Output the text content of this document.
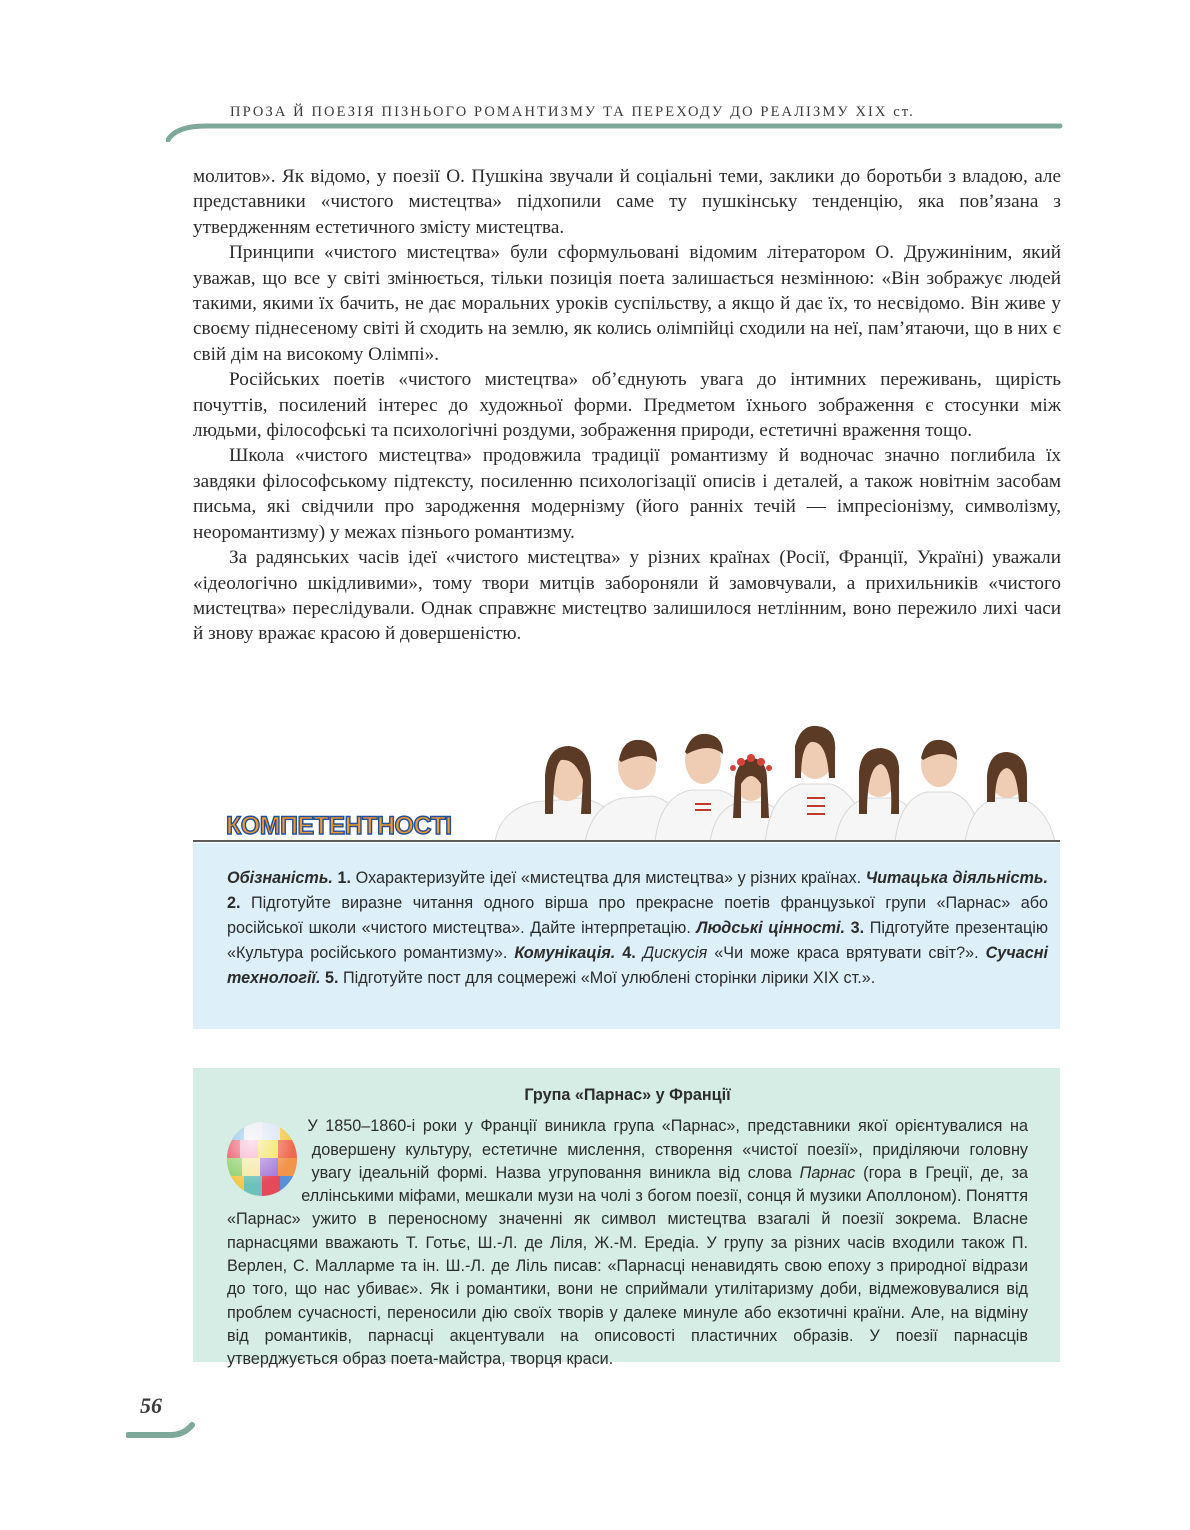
ПРОЗА Й ПОЕЗІЯ ПІЗНЬОГО РОМАНТИЗМУ ТА ПЕРЕХОДУ ДО РЕАЛІЗМУ XIX ст.

молитов». Як відомо, у поезії О. Пушкіна звучали й соціальні теми, заклики до боротьби з владою, але представники «чистого мистецтва» підхопили саме ту пушкінську тенденцію, яка пов’язана з утвердженням естетичного змісту мистецтва.

Принципи «чистого мистецтва» були сформульовані відомим літератором О. Дружиніним, який уважав, що все у світі змінюється, тільки позиція поета залишається незмінною: «Він зображує людей такими, якими їх бачить, не дає моральних уроків суспільству, а якщо й дає їх, то несвідомо. Він живе у своєму піднесеному світі й сходить на землю, як колись олімпійці сходили на неї, пам’ятаючи, що в них є свій дім на високому Олімпі».

Російських поетів «чистого мистецтва» об’єднують увага до інтимних переживань, щирість почуттів, посилений інтерес до художньої форми. Предметом їхнього зображення є стосунки між людьми, філософські та психологічні роздуми, зображення природи, естетичні враження тощо.

Школа «чистого мистецтва» продовжила традиції романтизму й водночас значно поглибила їх завдяки філософському підтексту, посиленню психологізації описів і деталей, а також новітнім засобам письма, які свідчили про зародження модернізму (його ранніх течій — імпресіонізму, символізму, неоромантизму) у межах пізнього романтизму.

За радянських часів ідеї «чистого мистецтва» у різних країнах (Росії, Франції, Україні) уважали «ідеологічно шкідливими», тому твори митців забороняли й замовчували, а прихильників «чистого мистецтва» переслідували. Однак справжнє мистецтво залишилося нетлінним, воно пережило лихі часи й знову вражає красою й довершеністю.

КОМПЕТЕНТНОСТІ
Обізнаність. 1. Охарактеризуйте ідеї «мистецтва для мистецтва» у різних країнах. Читацька діяльність. 2. Підготуйте виразне читання одного вірша про прекрасне поетів французької групи «Парнас» або російської школи «чистого мистецтва». Дайте інтерпретацію. Людські цінності. 3. Підготуйте презентацію «Культура російського романтизму». Комунікація. 4. Дискусія «Чи може краса врятувати світ?». Сучасні технології. 5. Підготуйте пост для соцмережі «Мої улюблені сторінки лірики XIX ст.».

Група «Парнас» у Франції

У 1850–1860-і роки у Франції виникла група «Парнас», представники якої орієнтувалися на довершену культуру, естетичне мислення, створення «чистої поезії», приділяючи головну увагу ідеальній формі. Назва угруповання виникла від слова Парнас (гора в Греції, де, за еллінськими міфами, мешкали музи на чолі з богом поезії, сонця й музики Аполлоном). Поняття «Парнас» ужито в переносному значенні як символ мистецтва взагалі й поезії зокрема. Власне парнасцями вважають Т. Готьє, Ш.-Л. де Ліля, Ж.-М. Ередіа. У групу за різних часів входили також П. Верлен, С. Малларме та ін. Ш.-Л. де Ліль писав: «Парнасці ненавидять свою епоху з природної відрази до того, що нас убиває». Як і романтики, вони не сприймали утилітаризму доби, відмежовувалися від проблем сучасності, переносили дію своїх творів у далеке минуле або екзотичні країни. Але, на відміну від романтиків, парнасці акцентували на описовості пластичних образів. У поезії парнасців утверджується образ поета-майстра, творця краси.

56
